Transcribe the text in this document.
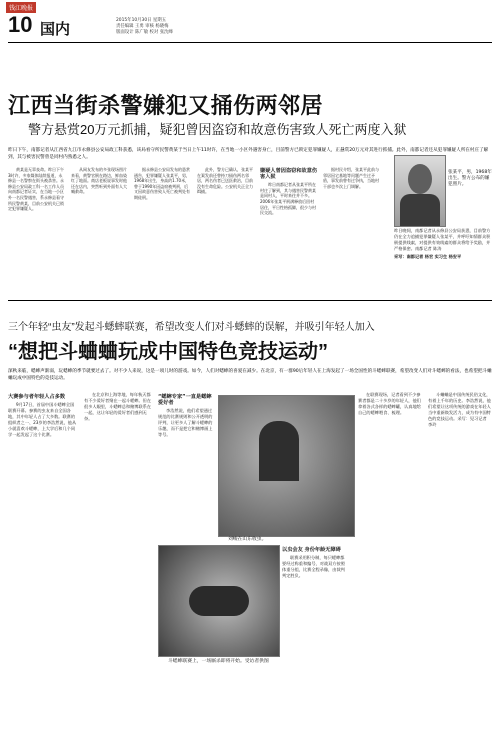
钱江晚报
10 国内
2015年10月30日 星期五
责任编辑 王勇 审核 杨晓梅
版面设计 陈广敏 校对 张沈峰
江西当街杀警嫌犯又捅伤两邻居
警方悬赏20万元抓捕，疑犯曾因盗窃和故意伤害致人死亡两度入狱
昨日下午，南都记者从江西省九江市永修县公安局政工科获悉，该局看守所民警黄某于当日上午11时许，在当地一小区外遇害身亡，目前警方已锁定犯罪嫌疑人，正悬赏20万元对其进行抓捕。此外，南都记者还从犯罪嫌疑人所在村庄了解到，其与被害民警曾是同村内熟悉之人。

黄某是无辜丧命。昨日下午3时许，多家媒体陆续报道，永修县一名警察在街头被杀害。永修县公安局政工科一名工作人员向南都记者证实，在当地一小区外一名民警遇害，系永修县看守所民警黄某，目前公安机关已锁定犯罪嫌疑人。

从网友发布的多张现场图片来看，黄警官倒在路边，鲜血染红了地面。商店老板说事发时他还在店内，突然听到外面有人大喊救命。

据永修县公安局发布的悬赏通告，犯罪嫌疑人张某平，男，1968年出生，身高约1.70米，曾于1990年因盗窃被判刑，后又因故意伤害致人死亡被判处有期徒刑。

此外，警方已确认，张某平在案发前还曾持刀捅伤两名邻居，两名伤者已送医救治，目前没有生命危险。公安机关正全力缉捕。

嫌疑人曾因盗窃和故意伤害入狱

昨日南都记者从张某平所在村庄了解到，其与遇害民警黄某是同村人，平时来往并不多。2006年张某平刑满释放后回村居住，平日性格孤僻，很少与村民交流。

据村民介绍，张某平此前与邻居因宅基地等问题产生过矛盾，事发前曾有过争执，当地村干部也多次上门调解。

张某平，男，1968年出生。警方公布的嫌犯照片。
昨日晚间，南都记者从永修县公安局获悉，目前警方仍在全力追捕犯罪嫌疑人张某平，并呼吁知情群众积极提供线索，对提供有效线索的群众将给予奖励，并严格保密。南都记者 陈涛
采写：南都记者 杨宏 实习生 杨安平
三个年轻“虫友”发起斗蟋蟀联赛，希望改变人们对斗蟋蟀的误解，并吸引年轻人加入
“想把斗蛐蛐玩成中国特色竞技运动”
深秋来临，蟋蟀声渐弱，玩蟋蟀的季节就要过去了。对不少人来说，这是一项儿时的游戏。如今，人们对蟋蟀的喜爱在减少。在北京，有一群90后年轻人在上海发起了一场全国性的斗蟋蟀联赛，希望改变人们对斗蟋蟀的看法，也希望把斗蛐蛐玩成中国特色的竞技运动。
大赛参与者年轻人占多数

9月17日，首届中国斗蟋蟀全国联赛开幕。参赛的虫友来自全国各地，其中年轻人占了大多数。联赛的组织者之一、23岁的李浩然说，他从小就喜欢斗蟋蟀，上大学后和几个同学一起发起了这个比赛。

在北京和上海等地，每年秋天都有不少爱好者聚在一起斗蟋蟀。但在很多人眼里，斗蟋蟀总和赌博联系在一起，这让年轻的爱好者们感到无奈。

“蟋蟀专家”一直是蟋蟀爱好者

李浩然说，他们希望通过规范的比赛规则和公开透明的评判，让更多人了解斗蟋蟀的乐趣，而不是把它和赌博画上等号。

以虫会友 身份年龄无障碍

联赛采用积分制，每只蟋蟀都要经过称重和编号，对战双方按照体重分组，比赛全程录像，由裁判判定胜负。

在联赛现场，记者看到不少参赛者都是二十多岁的年轻人，他们拿着各式各样的蟋蟀罐，认真地给自己的蟋蟀喂食、梳理。

斗蛐蛐是中国传统民俗文化，有着上千年的历史。李浩然说，他们希望让这项传统的游戏在年轻人当中重新焕发活力，成为有中国特色的竞技运动。采写：见习记者 李玲

刘峻在山东收虫。
斗蟋蟀联赛上，一场厮杀即将开始。受访者供图
